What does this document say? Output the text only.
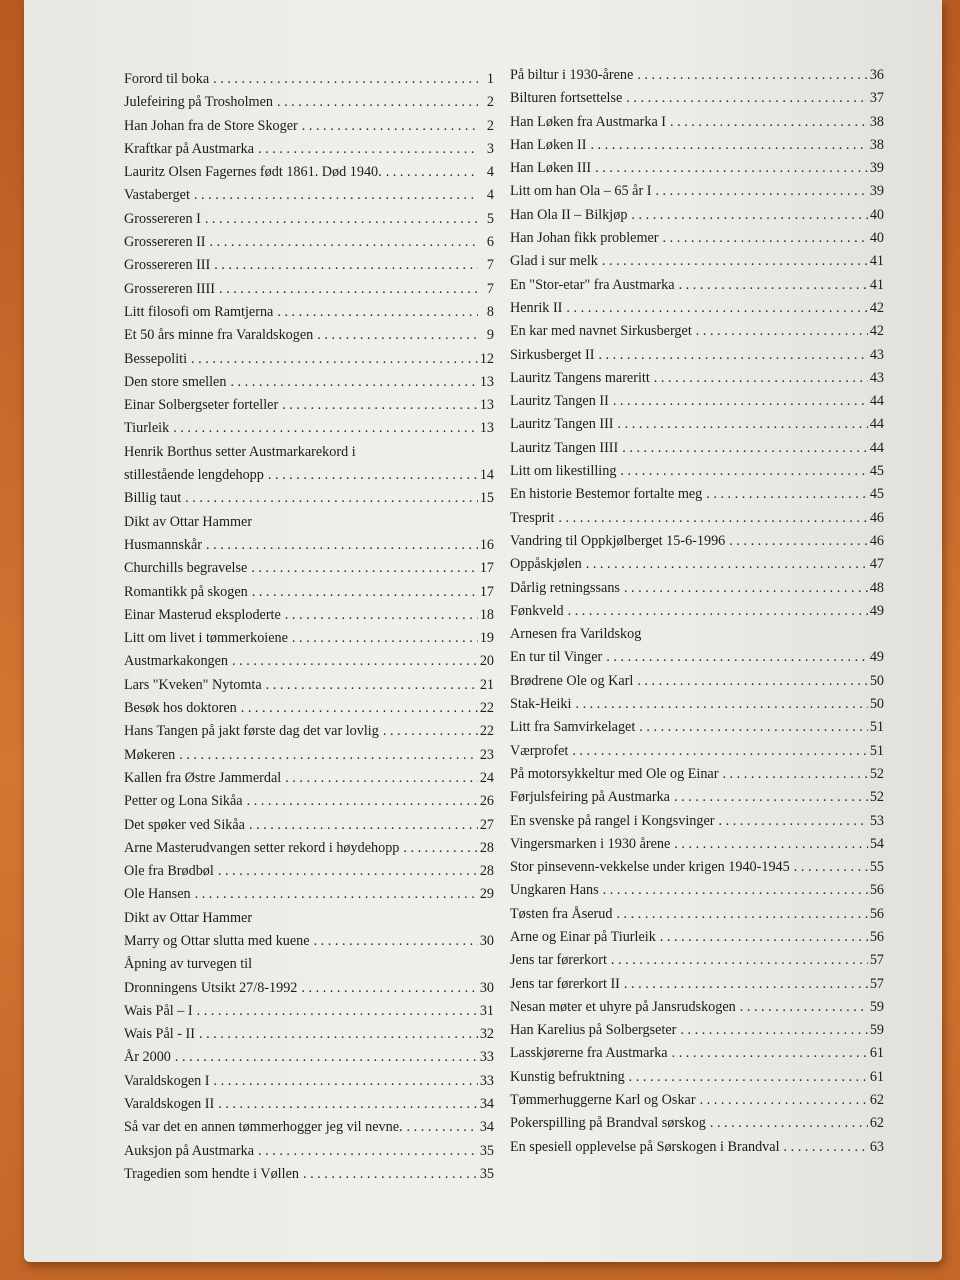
Forord til boka . . .	1
Julefeiring på Trosholmen . . .	2
Han Johan fra de Store Skoger . . .	2
Kraftkar på Austmarka . . .	3
Lauritz Olsen Fagernes født 1861. Død 1940. . . .	4
Vastaberget . . .	4
Grossereren I . . .	5
Grossereren II . . .	6
Grossereren III . . .	7
Grossereren IIII . . .	7
Litt filosofi om Ramtjerna . . .	8
Et 50 års minne fra Varaldskogen . . .	9
Bessepoliti . . .	12
Den store smellen . . .	13
Einar Solbergseter forteller . . .	13
Tiurleik . . .	13
Henrik Borthus setter Austmarkarekord i
stillestående lengdehopp . . .	14
Billig taut . . .	15
Dikt av Ottar Hammer
Husmannskår . . .	16
Churchills begravelse . . .	17
Romantikk på skogen . . .	17
Einar Masterud eksploderte . . .	18
Litt om livet i tømmerkoiene . . .	19
Austmarkakongen . . .	20
Lars "Kveken" Nytomta . . .	21
Besøk hos doktoren . . .	22
Hans Tangen på jakt første dag det var lovlig . . .	22
Møkeren . . .	23
Kallen fra Østre Jammerdal . . .	24
Petter og Lona Sikåa . . .	26
Det spøker ved Sikåa . . .	27
Arne Masterudvangen setter rekord i høydehopp . . .	28
Ole fra Brødbøl . . .	28
Ole Hansen . . .	29
Dikt av Ottar Hammer
Marry og Ottar slutta med kuene . . .	30
Åpning av turvegen til
Dronningens Utsikt 27/8-1992 . . .	30
Wais Pål – I . . .	31
Wais Pål - II . . .	32
År 2000 . . .	33
Varaldskogen I . . .	33
Varaldskogen II . . .	34
Så var det en annen tømmerhogger jeg vil nevne. . . .	34
Auksjon på Austmarka . . .	35
Tragedien som hendte i Vøllen . . .	35
På biltur i 1930-årene . . .	36
Bilturen fortsettelse . . .	37
Han Løken fra Austmarka I . . .	38
Han Løken II . . .	38
Han Løken III . . .	39
Litt om han Ola – 65 år I . . .	39
Han Ola II – Bilkjøp . . .	40
Han Johan fikk problemer . . .	40
Glad i sur melk . . .	41
En "Stor-etar" fra Austmarka . . .	41
Henrik II . . .	42
En kar med navnet Sirkusberget . . .	42
Sirkusberget II . . .	43
Lauritz Tangens mareritt . . .	43
Lauritz Tangen II . . .	44
Lauritz Tangen III . . .	44
Lauritz Tangen IIII . . .	44
Litt om likestilling . . .	45
En historie Bestemor fortalte meg . . .	45
Tresprit . . .	46
Vandring til Oppkjølberget 15-6-1996 . . .	46
Oppåskjølen . . .	47
Dårlig retningssans . . .	48
Fønkveld . . .	49
Arnesen fra Varildskog
En tur til Vinger . . .	49
Brødrene Ole og Karl . . .	50
Stak-Heiki . . .	50
Litt fra Samvirkelaget . . .	51
Værprofet . . .	51
På motorsykkeltur med Ole og Einar . . .	52
Førjulsfeiring på Austmarka . . .	52
En svenske på rangel i Kongsvinger . . .	53
Vingersmarken i 1930 årene . . .	54
Stor pinsevenn-vekkelse under krigen 1940-1945 . . .	55
Ungkaren Hans . . .	56
Tøsten fra Åserud . . .	56
Arne og Einar på Tiurleik . . .	56
Jens tar førerkort . . .	57
Jens tar førerkort II . . .	57
Nesan møter et uhyre på Jansrudskogen . . .	59
Han Karelius på Solbergseter . . .	59
Lasskjørerne fra Austmarka . . .	61
Kunstig befruktning . . .	61
Tømmerhuggerne Karl og Oskar . . .	62
Pokerspilling på Brandval sørskog . . .	62
En spesiell opplevelse på Sørskogen i Brandval . . .	63
